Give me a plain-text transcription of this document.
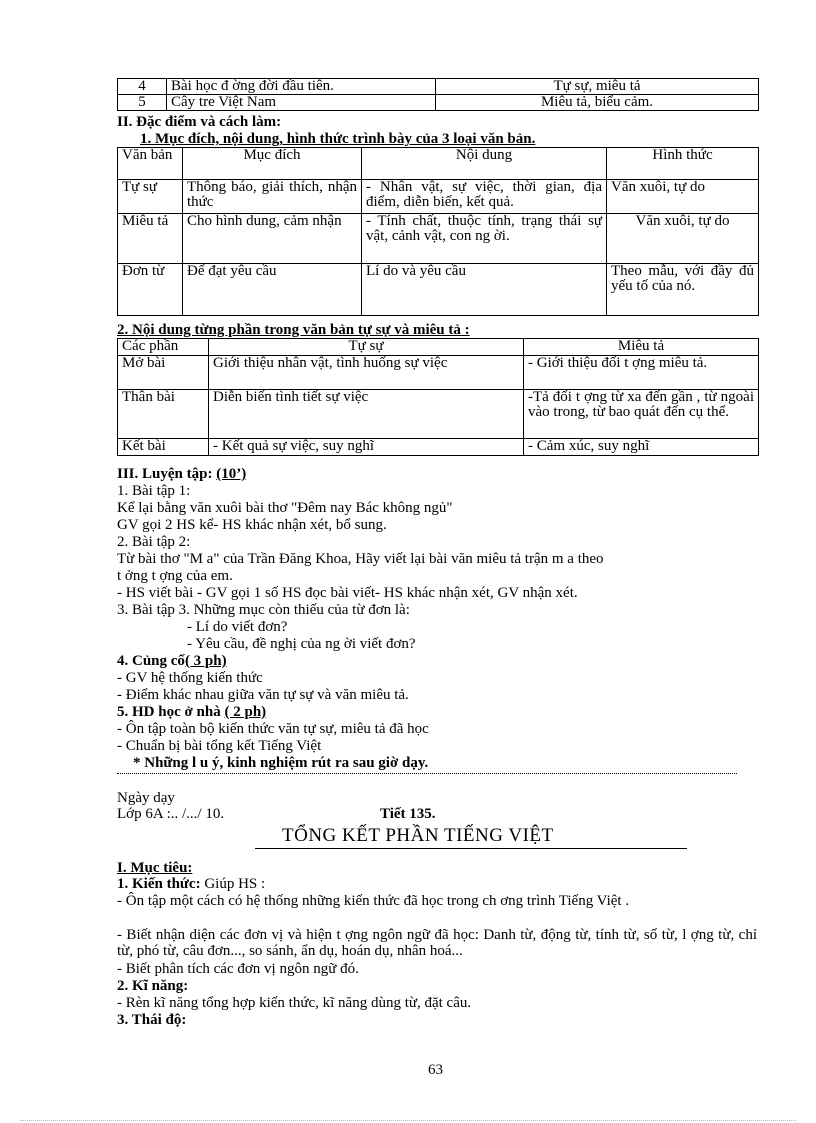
4	Bài học đ ờng đời đầu tiên.	Tự sự, miêu tả
5	Cây tre Việt Nam	Miêu tả, biểu cảm.
II. Đặc điểm và cách làm:
1. Mục đích, nội dung, hình thức trình bày của 3 loại văn bản.
Văn bản	Mục đích	Nội dung	Hình thức
Tự sự	Thông báo, giải thích, nhận thức	- Nhân vật, sự việc, thời gian, địa điểm, diễn biến, kết quả.	Văn xuôi, tự do
Miêu tả	Cho hình dung, cảm nhận	- Tính chất, thuộc tính, trạng thái sự vật, cảnh vật, con ng ời.	Văn xuôi, tự do
Đơn từ	Để đạt yêu cầu	Lí do và yêu cầu	Theo mẫu, với đầy đủ yếu tố của nó.
2. Nội dung từng phần trong văn bản tự sự và miêu tả :
Các phần	Tự sự	Miêu tả
Mở bài	Giới thiệu nhân vật, tình huống sự việc	- Giới thiệu đối t ợng miêu tả.
Thân bài	Diễn biến tình tiết sự việc	-Tả đối t ợng từ xa đến gần , từ ngoài vào trong, từ bao quát đến cụ thể.
Kết bài	- Kết quả sự việc, suy nghĩ	- Cảm xúc, suy nghĩ
III. Luyện tập: (10’)
1. Bài tập 1:
Kể lại bằng văn xuôi bài thơ "Đêm nay Bác không ngủ"
GV gọi 2 HS kể- HS khác nhận xét, bổ sung.
2. Bài tập 2:
Từ bài thơ "M a" của Trần Đăng Khoa, Hãy viết lại bài văn miêu tả trận m a theo
t ởng t ợng của em.
- HS viết bài - GV gọi 1 số HS đọc bài viết- HS khác nhận xét, GV nhận xét.
3. Bài tập 3. Những mục còn thiếu của từ đơn là:
- Lí do viết đơn?
- Yêu cầu, đề nghị của ng ời viết đơn?
4. Củng cố( 3 ph)
- GV hệ thống kiến thức
- Điểm khác nhau giữa văn tự sự và văn miêu tả.
5. HD học ở nhà ( 2 ph)
- Ôn tập toàn bộ kiến thức văn tự sự, miêu tả đã học
- Chuẩn bị bài tổng kết Tiếng Việt
* Những l u ý, kinh nghiệm rút ra sau giờ dạy.
Ngày dạy
Lớp 6A :.. /.../ 10.	Tiết 135.
TỔNG KẾT PHẦN TIẾNG VIỆT
I. Mục tiêu:
1. Kiến thức: Giúp HS :
- Ôn tập một cách có hệ thống những kiến thức đã học trong ch ơng trình Tiếng Việt .
- Biết nhận diện các đơn vị và hiện t ợng ngôn ngữ đã học: Danh từ, động từ, tính từ, số từ, l ợng từ, chỉ từ, phó từ, câu đơn..., so sánh, ẩn dụ, hoán dụ, nhân hoá...
- Biết phân tích các đơn vị ngôn ngữ đó.
2. Kĩ năng:
- Rèn kĩ năng tổng hợp kiến thức, kĩ năng dùng từ, đặt câu.
3. Thái độ:
63
